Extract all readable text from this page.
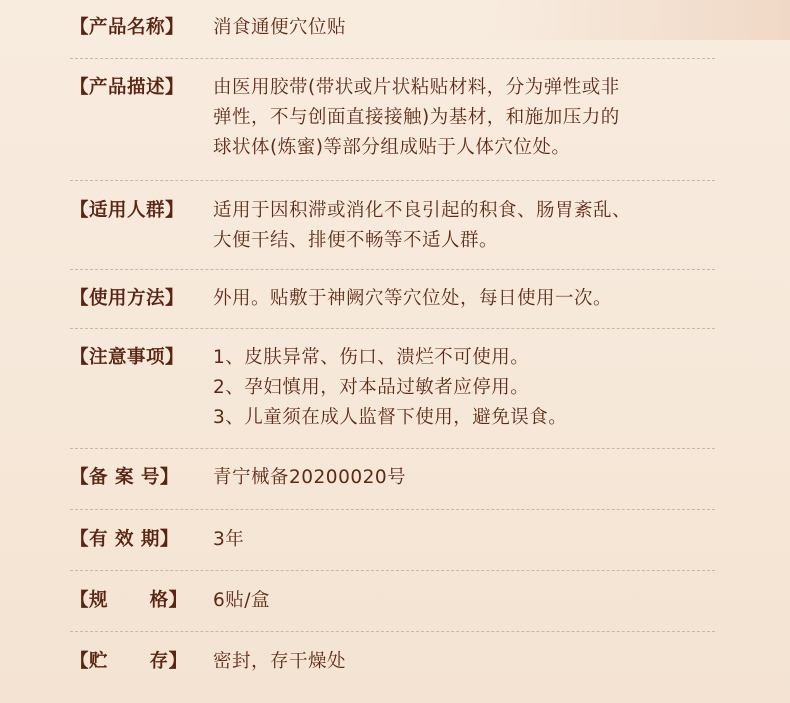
【产品名称】	消食通便穴位贴
【产品描述】	由医用胶带(带状或片状粘贴材料，分为弹性或非
弹性，不与创面直接接触)为基材，和施加压力的
球状体(炼蜜)等部分组成贴于人体穴位处。
【适用人群】	适用于因积滞或消化不良引起的积食、肠胃紊乱、
大便干结、排便不畅等不适人群。
【使用方法】	外用。贴敷于神阙穴等穴位处，每日使用一次。
【注意事项】	1、皮肤异常、伤口、溃烂不可使用。
2、孕妇慎用，对本品过敏者应停用。
3、儿童须在成人监督下使用，避免误食。
【备 案 号】	青宁械备20200020号
【有 效 期】	3年
【规      格】	6贴/盒
【贮      存】	密封，存干燥处
